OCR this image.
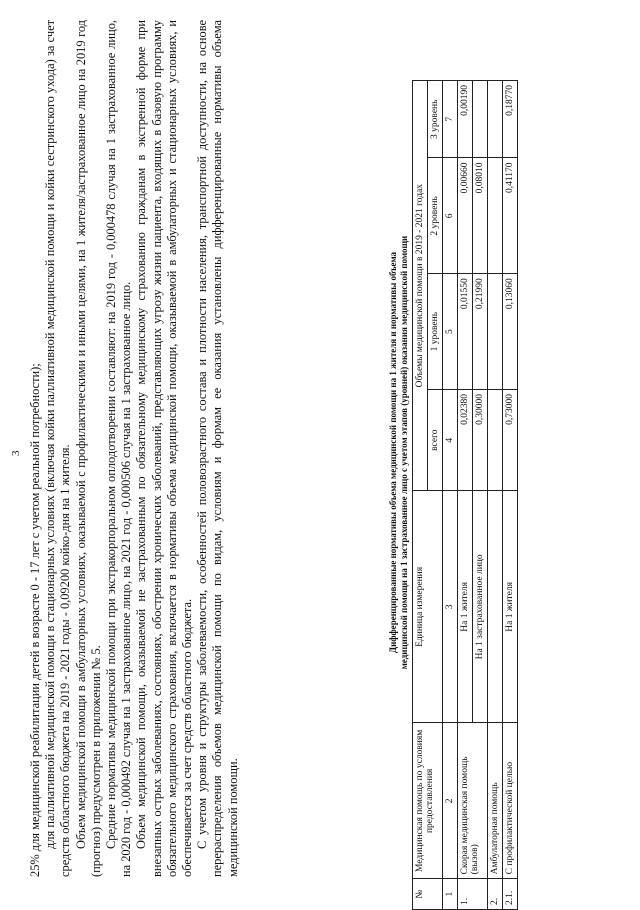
3 25% для медицинской реабилитации детей в возрасте 0 - 17 лет с учетом реальной потребности); для паллиативной медицинской помощи в стационарных условиях (включая койки паллиативной медицинской помощи и койки сестринского ухода) за счет средств областного бюджета на 2019 - 2021 годы - 0,09200 койко-дня на 1 жителя. Объем медицинской помощи в амбулаторных условиях, оказываемой с профилактическими и иными целями, на 1 жителя/застрахованное лицо на 2019 год (прогноз) предусмотрен в приложении № 5. Средние нормативы медицинской помощи при экстракорпоральном оплодотворении составляют: на 2019 год - 0,000478 случая на 1 застрахованное лицо, на 2020 год - 0,000492 случая на 1 застрахованное лицо, на 2021 год - 0,000506 случая на 1 застрахованное лицо. Объем медицинской помощи, оказываемой не застрахованным по обязательному медицинскому страхованию гражданам в экстренной форме при внезапных острых заболеваниях, состояниях, обострении хронических заболеваний, представляющих угрозу жизни пациента, входящих в базовую программу обязательного медицинского страхования, включается в нормативы объема медицинской помощи, оказываемой в амбулаторных и стационарных условиях, и обеспечивается за счет средств областного бюджета. С учетом уровня и структуры заболеваемости, особенностей половозрастного состава и плотности населения, транспортной доступности, на основе перераспределения объемов медицинской помощи по видам, условиям и формам ее оказания установлены дифференцированные нормативы объема медицинской помощи.

Дифференцированные нормативы объема медицинской помощи на 1 жителя и нормативы объема медицинской помощи на 1 застрахованное лицо с учетом этапов (уровней) оказания медицинской помощи
№	Медицинская помощь по условиям предоставления	Единица измерения	Объемы медицинской помощи в 2019 - 2021 годах			
			всего	1 уровень	2 уровень	3 уровень
1	2	3	4	5	6	7
1.	Скорая медицинская помощь (вызов)	На 1 жителя	0,02380	0,01550	0,00660	0,00190
		На 1 застрахованное лицо	0,30000	0,21990	0,08010	
2.	Амбулаторная помощь					
2.1.	С профилактической целью	На 1 жителя	0,73000	0,13060	0,41170	0,18770
